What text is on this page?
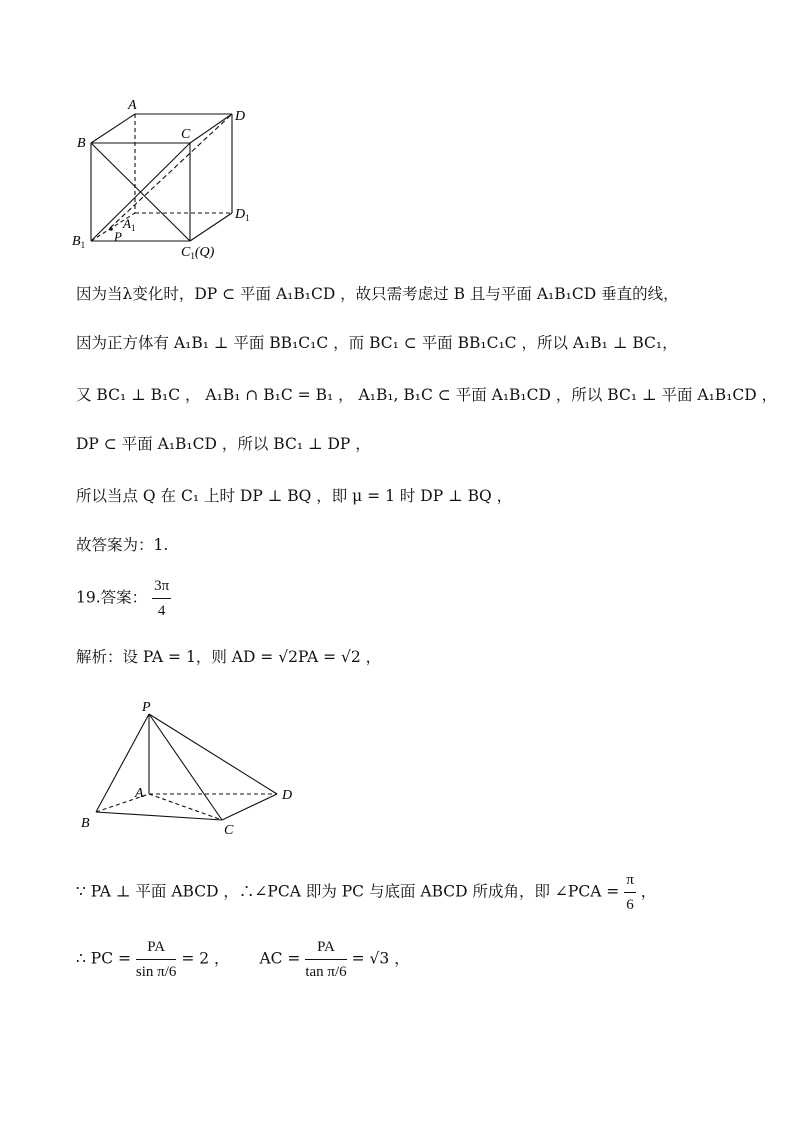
A
D
B
C
$D_1$
$B_1$
$A_1$
P
$C_1(Q)$
P
A	D
B	C
因为当λ变化时，DP ⊂ 平面 A₁B₁CD ，故只需考虑过 B 且与平面 A₁B₁CD 垂直的线，
因为正方体有 A₁B₁ ⊥ 平面 BB₁C₁C ，而 BC₁ ⊂ 平面 BB₁C₁C ，所以 A₁B₁ ⊥ BC₁，
又 BC₁ ⊥ B₁C ， A₁B₁ ∩ B₁C = B₁ ， A₁B₁, B₁C ⊂ 平面 A₁B₁CD ，所以 BC₁ ⊥ 平面 A₁B₁CD ，
DP ⊂ 平面 A₁B₁CD ，所以 BC₁ ⊥ DP ，
所以当点 Q 在 C₁ 上时 DP ⊥ BQ ，即 μ = 1 时 DP ⊥ BQ ，
故答案为：1.
19.答案： $\frac{3\pi}{4}$
解析：设 PA = 1，则 AD = √2PA = √2 ，
∵ PA ⊥ 平面 ABCD ，∴∠PCA 即为 PC 与底面 ABCD 所成角，即 ∠PCA = $\frac{\pi}{6}$ ，
∴ PC = $\frac{PA}{\text{sin π/6}} = 2$ ， AC = $\frac{PA}{\text{tan π/6}} = √3$ ，
